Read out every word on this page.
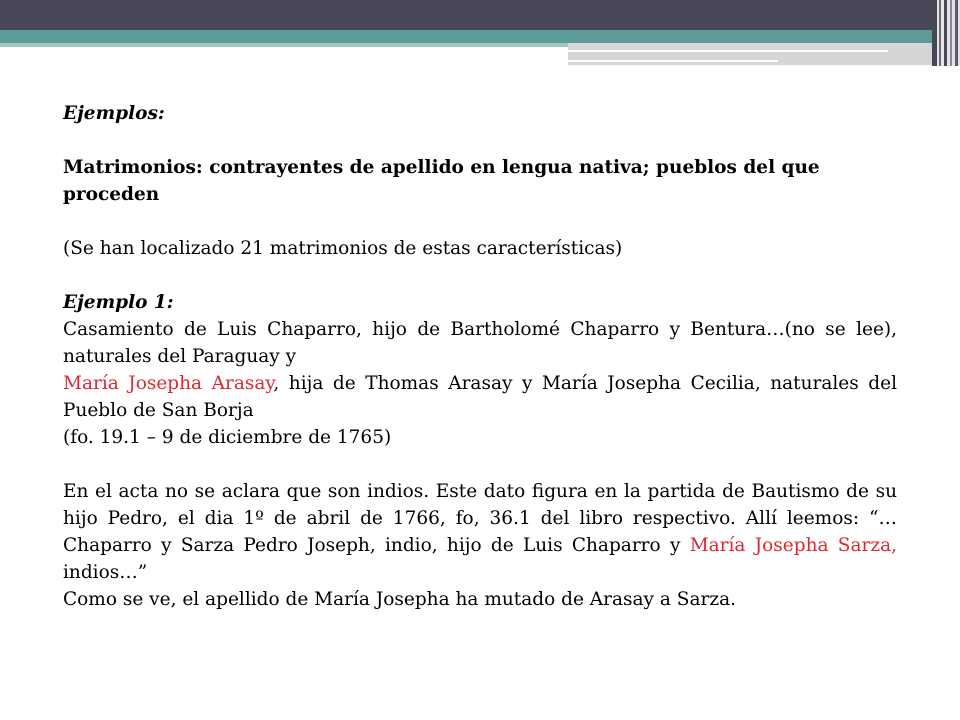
Ejemplos:

Matrimonios: contrayentes de apellido en lengua nativa; pueblos del que proceden

(Se han localizado 21 matrimonios de estas características)

Ejemplo 1:

Casamiento de Luis Chaparro, hijo de Bartholomé Chaparro y Bentura…(no se lee), naturales del Paraguay y

María Josepha Arasay, hija de Thomas Arasay y María Josepha Cecilia, naturales del Pueblo de San Borja

(fo. 19.1 – 9 de diciembre de 1765)

En el acta no se aclara que son indios. Este dato figura en la partida de Bautismo de su hijo Pedro, el dia 1º de abril de 1766, fo, 36.1 del libro respectivo. Allí leemos: “…Chaparro y Sarza Pedro Joseph, indio, hijo de Luis Chaparro y María Josepha Sarza, indios…”

Como se ve, el apellido de María Josepha ha mutado de Arasay a Sarza.
